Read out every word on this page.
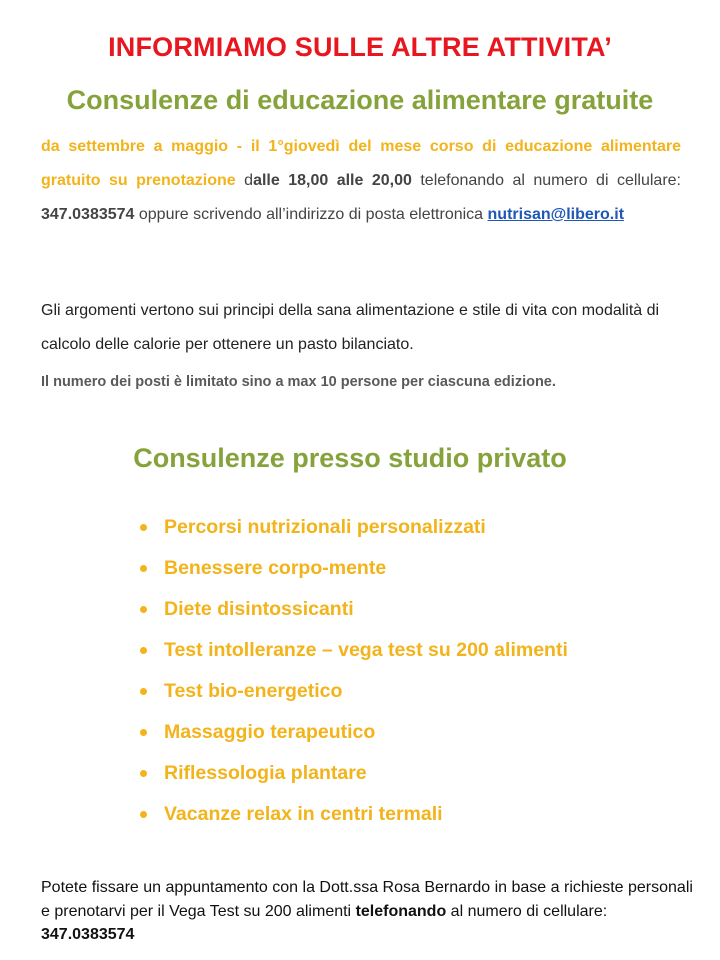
INFORMIAMO SULLE ALTRE ATTIVITA’
Consulenze di educazione alimentare gratuite
da settembre a maggio - il 1°giovedì del mese corso di educazione alimentare gratuito su prenotazione dalle 18,00 alle 20,00 telefonando al numero di cellulare: 347.0383574 oppure scrivendo all’indirizzo di posta elettronica nutrisan@libero.it
Gli argomenti vertono sui principi della sana alimentazione e stile di vita con modalità di calcolo delle calorie per ottenere un pasto bilanciato.
Il numero dei posti è limitato sino a max 10 persone per ciascuna edizione.
Consulenze presso studio privato
Percorsi nutrizionali personalizzati
Benessere corpo-mente
Diete disintossicanti
Test intolleranze – vega test su 200 alimenti
Test bio-energetico
Massaggio terapeutico
Riflessologia plantare
Vacanze relax in centri termali
Potete fissare un appuntamento con la Dott.ssa Rosa Bernardo in base a richieste personali e prenotarvi per il Vega Test su 200 alimenti telefonando al numero di cellulare: 347.0383574
